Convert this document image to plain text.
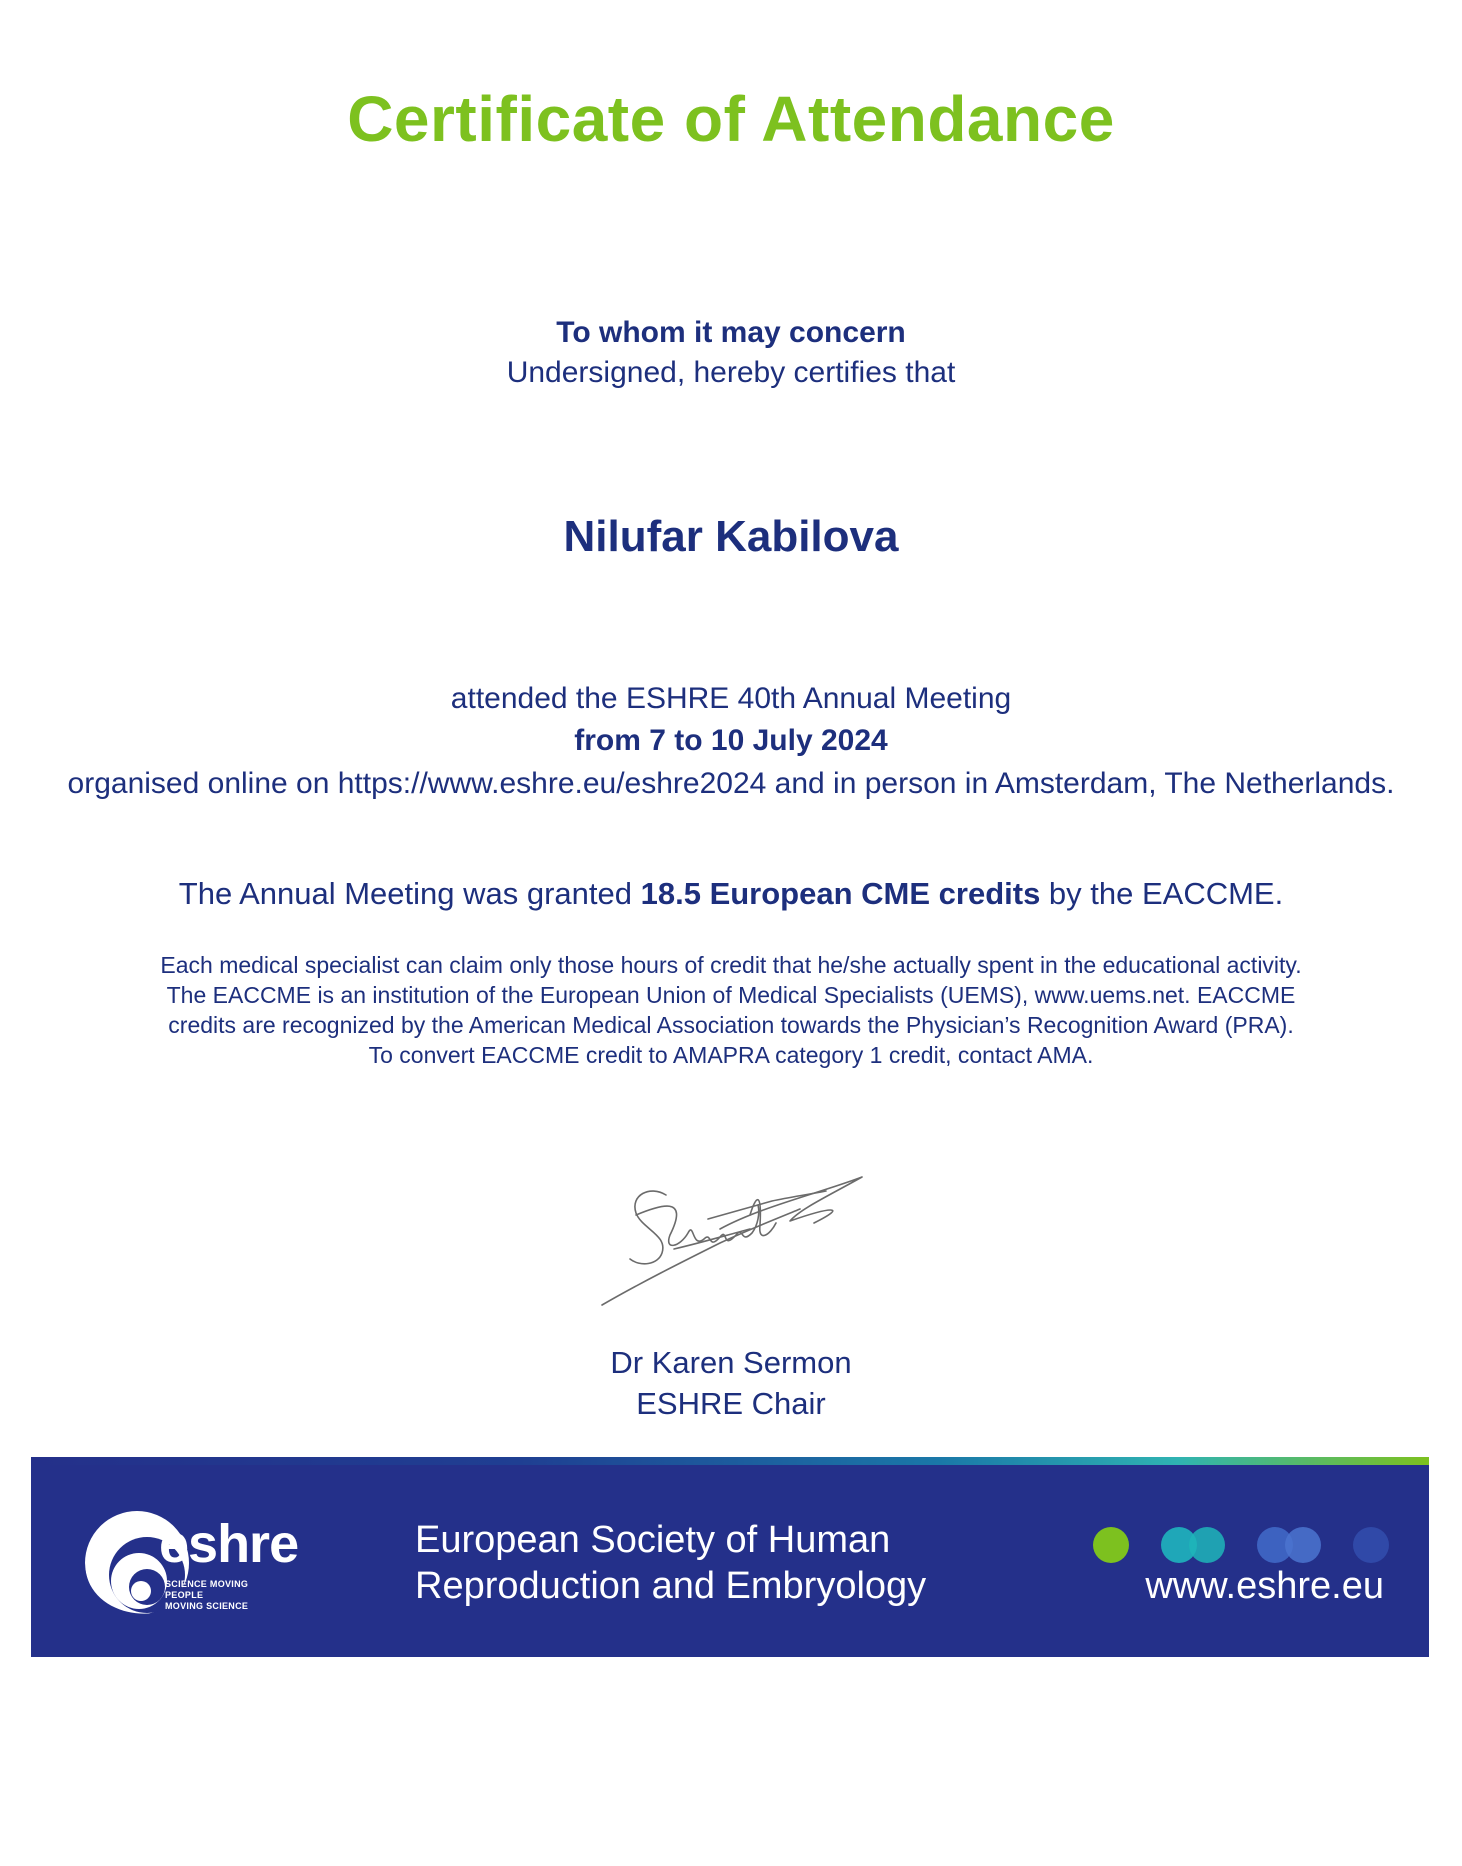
Certificate of Attendance
To whom it may concern
Undersigned, hereby certifies that
Nilufar Kabilova
attended the ESHRE 40th Annual Meeting
from 7 to 10 July 2024
organised online on https://www.eshre.eu/eshre2024 and in person in Amsterdam, The Netherlands.
The Annual Meeting was granted 18.5 European CME credits by the EACCME.
Each medical specialist can claim only those hours of credit that he/she actually spent in the educational activity.
The EACCME is an institution of the European Union of Medical Specialists (UEMS), www.uems.net. EACCME
credits are recognized by the American Medical Association towards the Physician’s Recognition Award (PRA).
To convert EACCME credit to AMAPRA category 1 credit, contact AMA.
Dr Karen Sermon
ESHRE Chair
eshre
SCIENCE MOVING
PEOPLE
MOVING SCIENCE
European Society of Human
Reproduction and Embryology	www.eshre.eu
